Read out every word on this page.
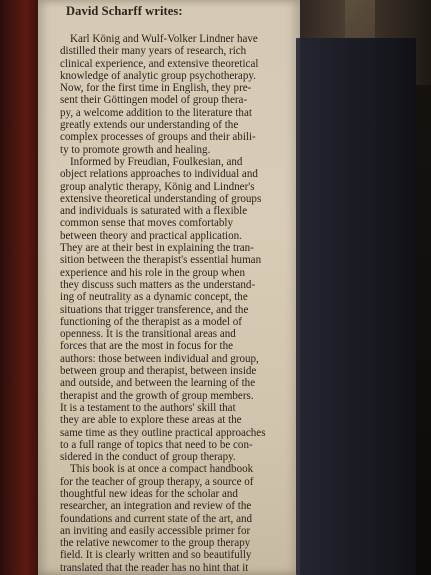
David Scharff writes:
Karl König and Wulf-Volker Lindner have
distilled their many years of research, rich
clinical experience, and extensive theoretical
knowledge of analytic group psychotherapy.
Now, for the first time in English, they pre-
sent their Göttingen model of group thera-
py, a welcome addition to the literature that
greatly extends our understanding of the
complex processes of groups and their abili-
ty to promote growth and healing.
Informed by Freudian, Foulkesian, and
object relations approaches to individual and
group analytic therapy, König and Lindner's
extensive theoretical understanding of groups
and individuals is saturated with a flexible
common sense that moves comfortably
between theory and practical application.
They are at their best in explaining the tran-
sition between the therapist's essential human
experience and his role in the group when
they discuss such matters as the understand-
ing of neutrality as a dynamic concept, the
situations that trigger transference, and the
functioning of the therapist as a model of
openness. It is the transitional areas and
forces that are the most in focus for the
authors: those between individual and group,
between group and therapist, between inside
and outside, and between the learning of the
therapist and the growth of group members.
It is a testament to the authors' skill that
they are able to explore these areas at the
same time as they outline practical approaches
to a full range of topics that need to be con-
sidered in the conduct of group therapy.
This book is at once a compact handbook
for the teacher of group therapy, a source of
thoughtful new ideas for the scholar and
researcher, an integration and review of the
foundations and current state of the art, and
an inviting and easily accessible primer for
the relative newcomer to the group therapy
field. It is clearly written and so beautifully
translated that the reader has no hint that it
